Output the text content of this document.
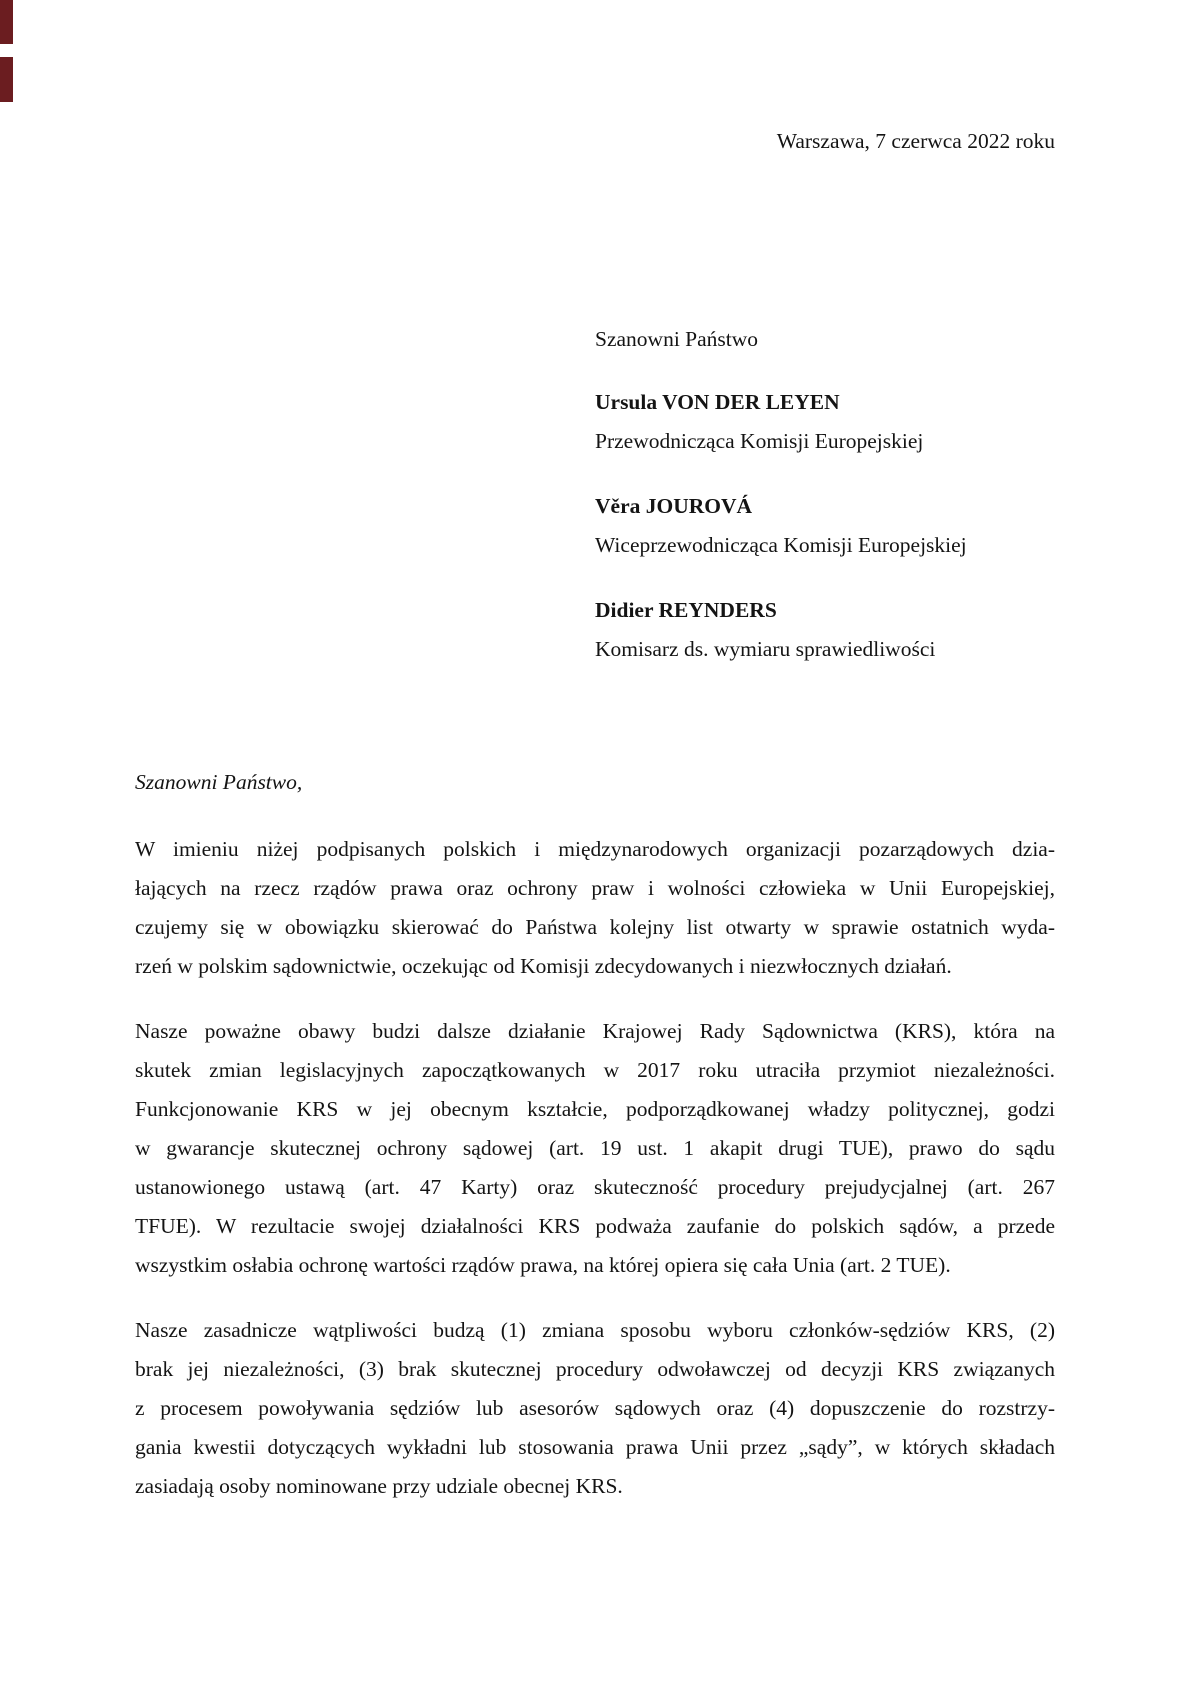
Warszawa, 7 czerwca 2022 roku
Szanowni Państwo
Ursula VON DER LEYEN
Przewodnicząca Komisji Europejskiej
Věra JOUROVÁ
Wiceprzewodnicząca Komisji Europejskiej
Didier REYNDERS
Komisarz ds. wymiaru sprawiedliwości
Szanowni Państwo,
W imieniu niżej podpisanych polskich i międzynarodowych organizacji pozarządowych dzia-
łających na rzecz rządów prawa oraz ochrony praw i wolności człowieka w Unii Europejskiej,
czujemy się w obowiązku skierować do Państwa kolejny list otwarty w sprawie ostatnich wyda-
rzeń w polskim sądownictwie, oczekując od Komisji zdecydowanych i niezwłocznych działań.
Nasze poważne obawy budzi dalsze działanie Krajowej Rady Sądownictwa (KRS), która na
skutek zmian legislacyjnych zapoczątkowanych w 2017 roku utraciła przymiot niezależności.
Funkcjonowanie KRS w jej obecnym kształcie, podporządkowanej władzy politycznej, godzi
w gwarancje skutecznej ochrony sądowej (art. 19 ust. 1 akapit drugi TUE), prawo do sądu
ustanowionego ustawą (art. 47 Karty) oraz skuteczność procedury prejudycjalnej (art. 267
TFUE). W rezultacie swojej działalności KRS podważa zaufanie do polskich sądów, a przede
wszystkim osłabia ochronę wartości rządów prawa, na której opiera się cała Unia (art. 2 TUE).
Nasze zasadnicze wątpliwości budzą (1) zmiana sposobu wyboru członków-sędziów KRS, (2)
brak jej niezależności, (3) brak skutecznej procedury odwoławczej od decyzji KRS związanych
z procesem powoływania sędziów lub asesorów sądowych oraz (4) dopuszczenie do rozstrzy-
gania kwestii dotyczących wykładni lub stosowania prawa Unii przez „sądy”, w których składach
zasiadają osoby nominowane przy udziale obecnej KRS.
